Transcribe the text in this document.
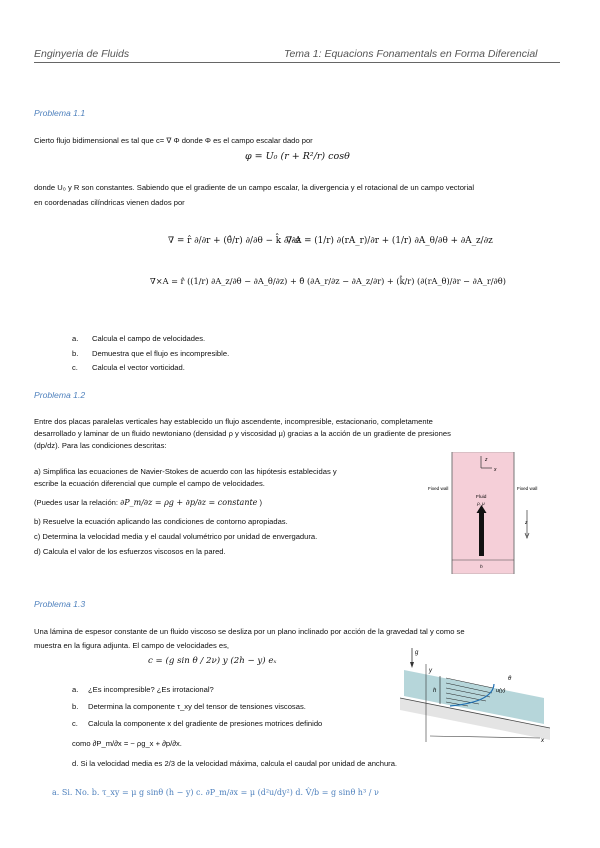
Enginyeria de Fluids	Tema 1: Equacions Fonamentals en Forma Diferencial
Problema 1.1
Cierto flujo bidimensional es tal que c= ∇ Φ donde Φ es el campo escalar dado por
φ = U₀ (r + R²/r) cosθ
donde U₀ y R son constantes. Sabiendo que el gradiente de un campo escalar, la divergencia y el rotacional de un campo vectorial
en coordenadas cilíndricas vienen dados por
∇ = r̂ ∂/∂r + (θ̂/r) ∂/∂θ − k̂ ∂/∂z
∇·A = (1/r) ∂(rA_r)/∂r + (1/r) ∂A_θ/∂θ + ∂A_z/∂z
∇×A = r̂ ((1/r) ∂A_z/∂θ − ∂A_θ/∂z) + θ̂ (∂A_r/∂z − ∂A_z/∂r) + (k̂/r) (∂(rA_θ)/∂r − ∂A_r/∂θ)
a.	Calcula el campo de velocidades.
b.	Demuestra que el flujo es incompresible.
c.	Calcula el vector vorticidad.
Problema 1.2
Entre dos placas paralelas verticales hay establecido un flujo ascendente, incompresible, estacionario, completamente
desarrollado y laminar de un fluido newtoniano (densidad ρ y viscosidad μ) gracias a la acción de un gradiente de presiones
(dp/dz). Para las condiciones descritas:
a) Simplifica las ecuaciones de Navier-Stokes de acuerdo con las hipótesis establecidas y
escribe la ecuación diferencial que cumple el campo de velocidades.
(Puedes usar la relación: ∂P_m/∂z = ρg + ∂p/∂z = constante )
b) Resuelve la ecuación aplicando las condiciones de contorno apropiadas.
c) Determina la velocidad media y el caudal volumétrico por unidad de envergadura.
d) Calcula el valor de los esfuerzos viscosos en la pared.
z
x
Fixed wall	Fixed wall
Fluid
ρ, μ
h
z
Problema 1.3
Una lámina de espesor constante de un fluido viscoso se desliza por un plano inclinado por acción de la gravedad tal y como se
muestra en la figura adjunta. El campo de velocidades es,
c = (g sin θ / 2ν) y (2h − y) eₓ
a.	¿Es incompresible? ¿Es irrotacional?
b.	Determina la componente τ_xy del tensor de tensiones viscosas.
c.	Calcula la componente x del gradiente de presiones motrices definido
como ∂P_m/∂x = − ρg_x + ∂p/∂x.
d. Si la velocidad media es 2/3 de la velocidad máxima, calcula el caudal por unidad de anchura.
a. Si. No. b. τ_xy = μ g sinθ (h − y) c. ∂P_m/∂x = μ (d²u/dy²) d. V̂/b = g sinθ h³ / ν
y
x
g
h	u(y)
θ
